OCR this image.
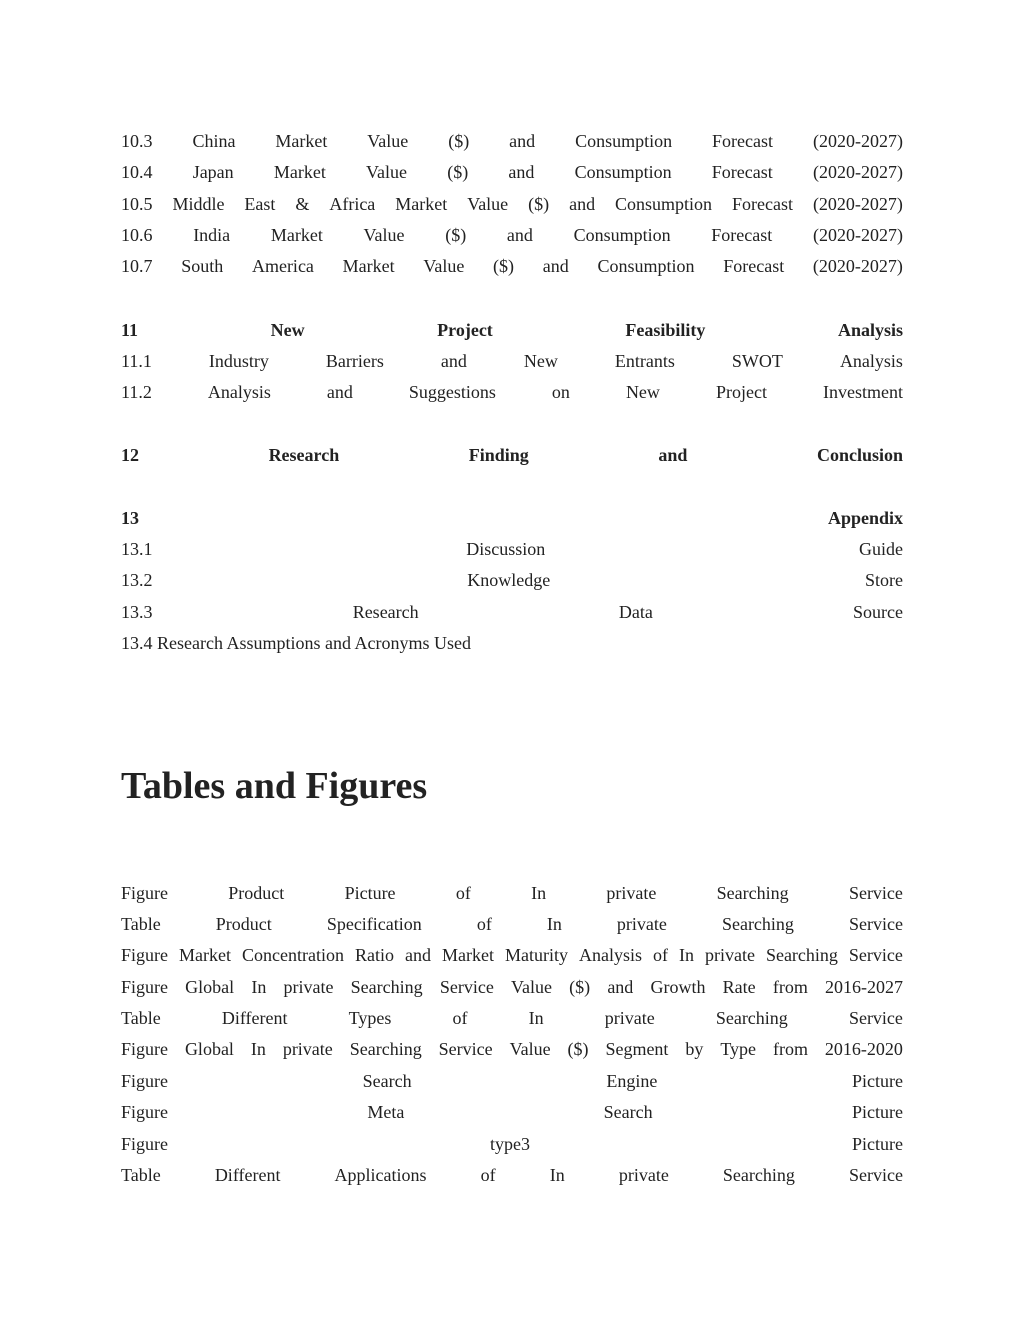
10.3 China Market Value ($) and Consumption Forecast (2020-2027)
10.4 Japan Market Value ($) and Consumption Forecast (2020-2027)
10.5 Middle East & Africa Market Value ($) and Consumption Forecast (2020-2027)
10.6 India Market Value ($) and Consumption Forecast (2020-2027)
10.7 South America Market Value ($) and Consumption Forecast (2020-2027)
11	New	Project	Feasibility	Analysis
11.1	Industry	Barriers	and	New	Entrants	SWOT	Analysis
11.2	Analysis	and	Suggestions	on	New	Project	Investment
12	Research	Finding	and	Conclusion
13	Appendix
13.1	Discussion	Guide
13.2	Knowledge	Store
13.3	Research	Data	Source
13.4 Research Assumptions and Acronyms Used
Tables and Figures
Figure	Product	Picture	of	In	private	Searching	Service
Table	Product	Specification	of	In	private	Searching	Service
Figure Market Concentration Ratio and Market Maturity Analysis of In private Searching Service
Figure Global In private Searching Service Value ($) and Growth Rate from 2016-2027
Table	Different	Types	of	In	private	Searching	Service
Figure Global In private Searching Service Value ($) Segment by Type from 2016-2020
Figure	Search	Engine	Picture
Figure	Meta	Search	Picture
Figure	type3	Picture
Table	Different	Applications	of	In	private	Searching	Service
